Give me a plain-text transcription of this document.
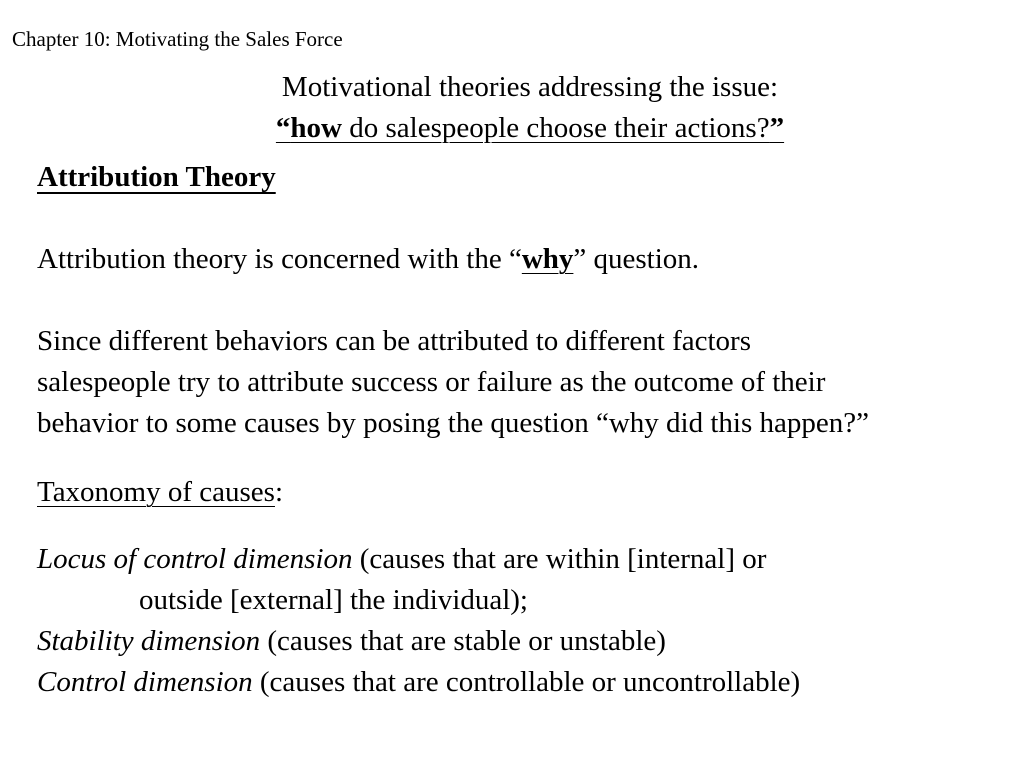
Chapter 10: Motivating the Sales Force
Motivational theories addressing the issue:
“how do salespeople choose their actions?”
Attribution Theory
Attribution theory is concerned with the “why” question.
Since different behaviors can be attributed to different factors
salespeople try to attribute success or failure as the outcome of their
behavior to some causes by posing the question “why did this happen?”
Taxonomy of causes:
Locus of control dimension (causes that are within [internal] or
outside [external] the individual);
Stability dimension (causes that are stable or unstable)
Control dimension (causes that are controllable or uncontrollable)
